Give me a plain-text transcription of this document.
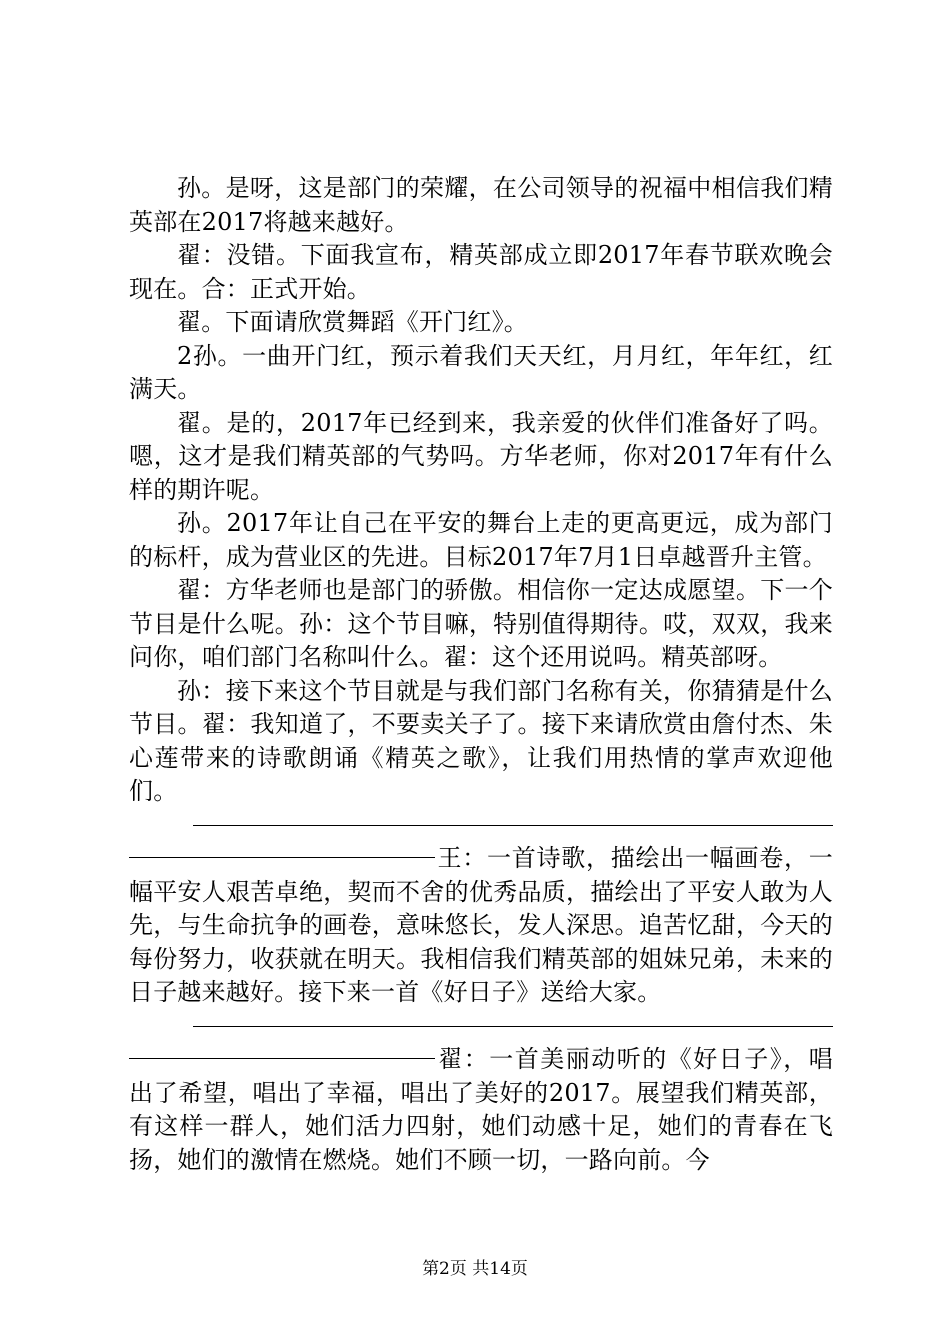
孙。是呀，这是部门的荣耀，在公司领导的祝福中相信我们精英部在2017将越来越好。

翟：没错。下面我宣布，精英部成立即2017年春节联欢晚会现在。合：正式开始。

翟。下面请欣赏舞蹈《开门红》。

2孙。一曲开门红，预示着我们天天红，月月红，年年红，红满天。

翟。是的，2017年已经到来，我亲爱的伙伴们准备好了吗。嗯，这才是我们精英部的气势吗。方华老师，你对2017年有什么样的期许呢。

孙。2017年让自己在平安的舞台上走的更高更远，成为部门的标杆，成为营业区的先进。目标2017年7月1日卓越晋升主管。

翟：方华老师也是部门的骄傲。相信你一定达成愿望。下一个节目是什么呢。孙：这个节目嘛，特别值得期待。哎，双双，我来问你，咱们部门名称叫什么。翟：这个还用说吗。精英部呀。

孙：接下来这个节目就是与我们部门名称有关，你猜猜是什么节目。翟：我知道了，不要卖关子了。接下来请欣赏由詹付杰、朱心莲带来的诗歌朗诵《精英之歌》，让我们用热情的掌声欢迎他们。

王：一首诗歌，描绘出一幅画卷，一幅平安人艰苦卓绝，契而不舍的优秀品质，描绘出了平安人敢为人先，与生命抗争的画卷，意味悠长，发人深思。追苦忆甜，今天的每份努力，收获就在明天。我相信我们精英部的姐妹兄弟，未来的日子越来越好。接下来一首《好日子》送给大家。

翟：一首美丽动听的《好日子》，唱出了希望，唱出了幸福，唱出了美好的2017。展望我们精英部，有这样一群人，她们活力四射，她们动感十足，她们的青春在飞扬，她们的激情在燃烧。她们不顾一切，一路向前。今

第2页 共14页
